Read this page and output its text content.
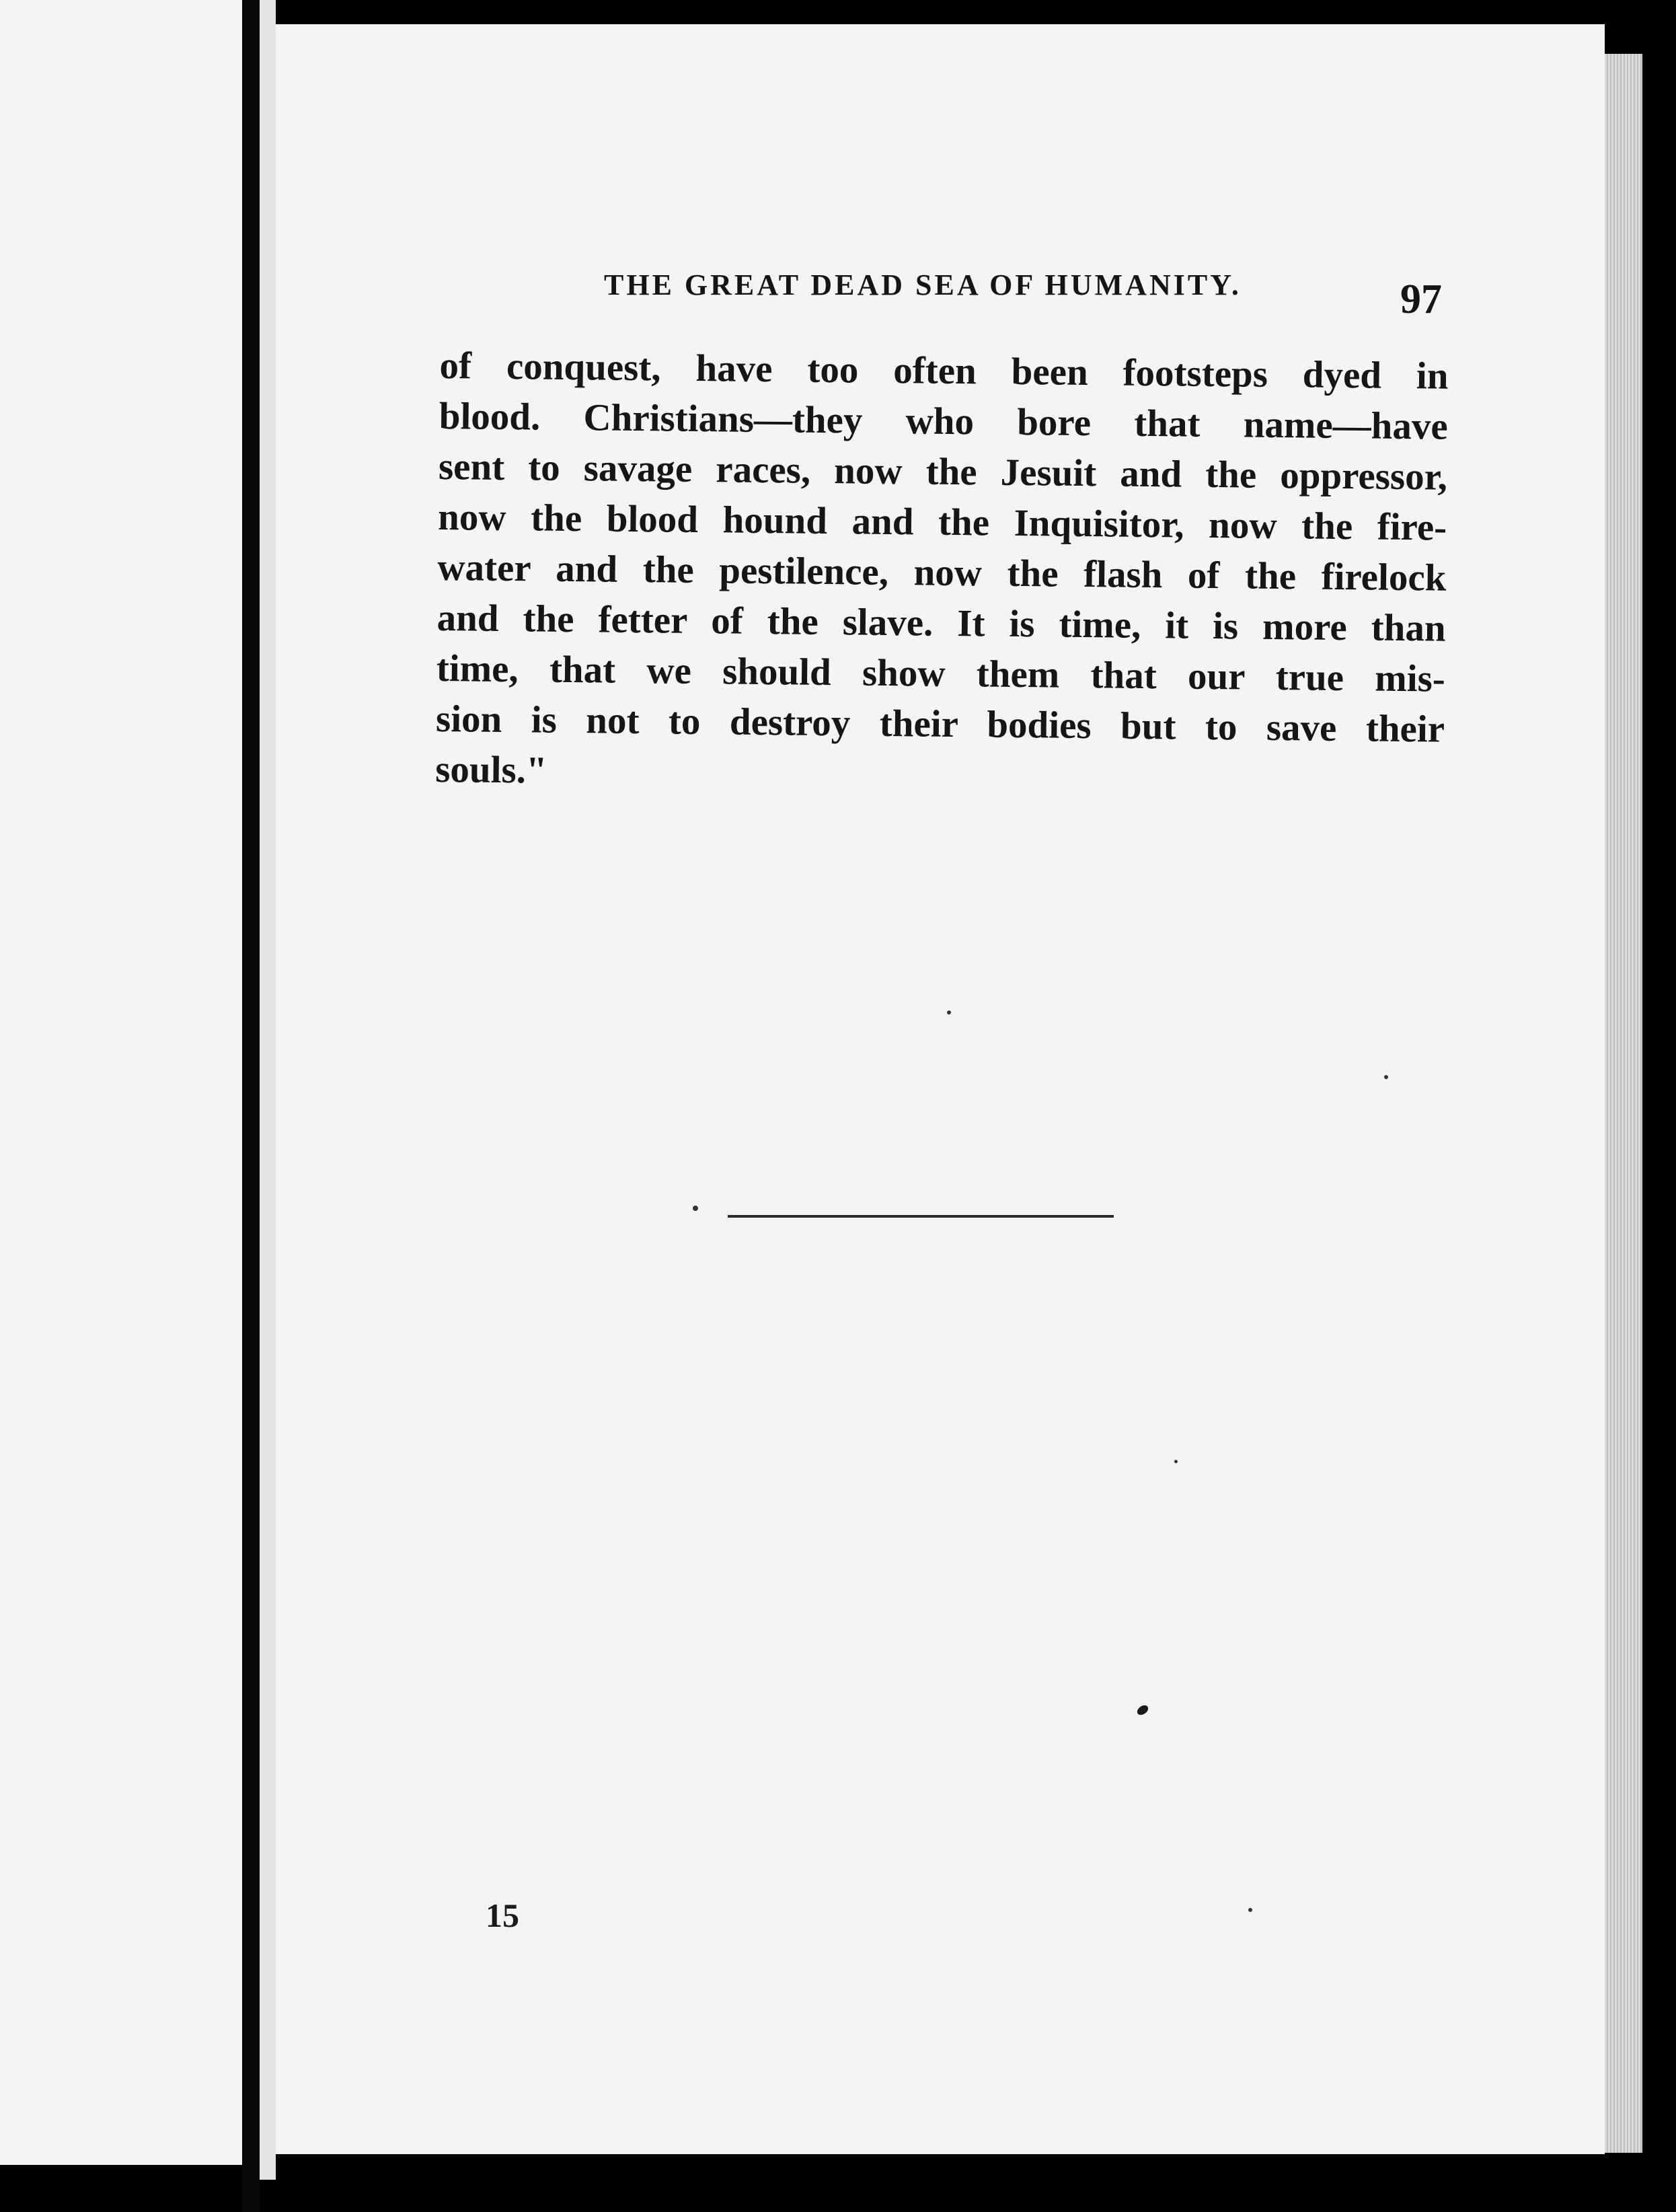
THE GREAT DEAD SEA OF HUMANITY.	97
of conquest, have too often been footsteps dyed in
blood. Christians—they who bore that name—have
sent to savage races, now the Jesuit and the oppressor,
now the blood hound and the Inquisitor, now the fire-
water and the pestilence, now the flash of the firelock
and the fetter of the slave. It is time, it is more than
time, that we should show them that our true mis-
sion is not to destroy their bodies but to save their
souls."
15
